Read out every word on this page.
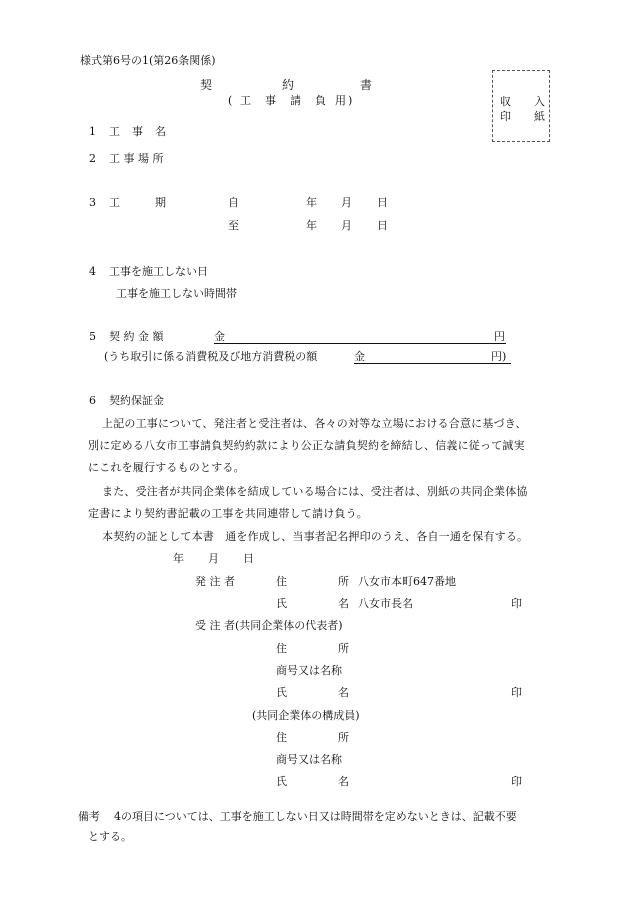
様式第6号の1(第26条関係)
契	約	書
( 工 事 請 負 用 )	収 入
印 紙
1 工 事 名
2 工 事 場 所
3 工	期	自	年 月 日
至	年 月 日
4 工事を施工しない日
工事を施工しない時間帯
5 契 約 金 額	金	円
(うち取引に係る消費税及び地方消費税の額	金	円)
6 契約保証金
上記の工事について、発注者と受注者は、各々の対等な立場における合意に基づき、
別に定める八女市工事請負契約約款により公正な請負契約を締結し、信義に従って誠実
にこれを履行するものとする。
また、受注者が共同企業体を結成している場合には、受注者は、別紙の共同企業体協
定書により契約書記載の工事を共同連帯して請け負う。
本契約の証として本書　通を作成し、当事者記名押印のうえ、各自一通を保有する。
年 月 日
発 注 者	住	所 八女市本町647番地
氏	名 八女市長名	印
受 注 者(共同企業体の代表者)
住	所
商号又は名称
氏	名	印
(共同企業体の構成員)
住	所
商号又は名称
氏	名	印
備考 4の項目については、工事を施工しない日又は時間帯を定めないときは、記載不要
とする。
